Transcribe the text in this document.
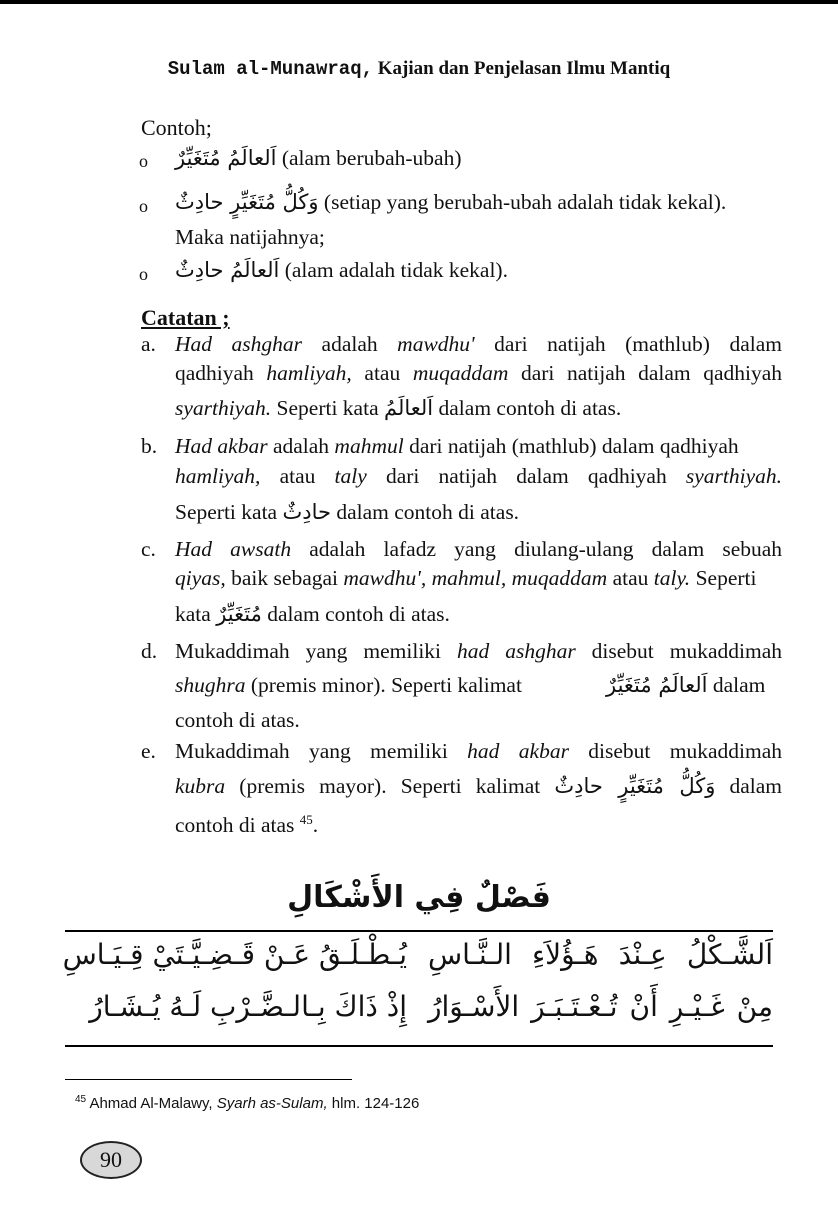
Sulam al-Munawraq, Kajian dan Penjelasan Ilmu Mantiq
Contoh;
o اَلعالَمُ مُتَغَيِّرٌ (alam berubah-ubah)
o وَكُلُّ مُتَغَيِّرٍ حادِثٌ (setiap yang berubah-ubah adalah tidak kekal).
Maka natijahnya;
o اَلعالَمُ حادِثٌ (alam adalah tidak kekal).
Catatan ;
a. Had ashghar adalah mawdhu' dari natijah (mathlub) dalam
qadhiyah hamliyah, atau muqaddam dari natijah dalam qadhiyah
syarthiyah. Seperti kata اَلعالَمُ dalam contoh di atas.
b. Had akbar adalah mahmul dari natijah (mathlub) dalam qadhiyah
hamliyah, atau taly dari natijah dalam qadhiyah syarthiyah.
Seperti kata حادِثٌ dalam contoh di atas.
c. Had awsath adalah lafadz yang diulang-ulang dalam sebuah
qiyas, baik sebagai mawdhu', mahmul, muqaddam atau taly. Seperti
kata مُتَغَيِّرٌ dalam contoh di atas.
d. Mukaddimah yang memiliki had ashghar disebut mukaddimah
shughra (premis minor). Seperti kalimat	اَلعالَمُ مُتَغَيِّرٌ dalam
contoh di atas.
e. Mukaddimah yang memiliki had akbar disebut mukaddimah
kubra (premis mayor). Seperti kalimat وَكُلُّ مُتَغَيِّرٍ حادِثٌ dalam
contoh di atas $^{45}$.
فَصْلٌ فِي الأَشْكَالِ
اَلشَّـكْلُ عِـنْدَ هَـؤُلاَءِ الـنَّـاسِ
يُـطْـلَـقُ عَـنْ قَـضِـيَّـتَيْ قِـيَـاسِ
مِنْ غَـيْـرِ أَنْ تُـعْـتَـبَـرَ الأَسْـوَارُ
إِذْ ذَاكَ بِـالـضَّـرْبِ لَـهُ يُـشَـارُ
$^{45}$ Ahmad Al-Malawy, Syarh as-Sulam, hlm. 124-126
90
